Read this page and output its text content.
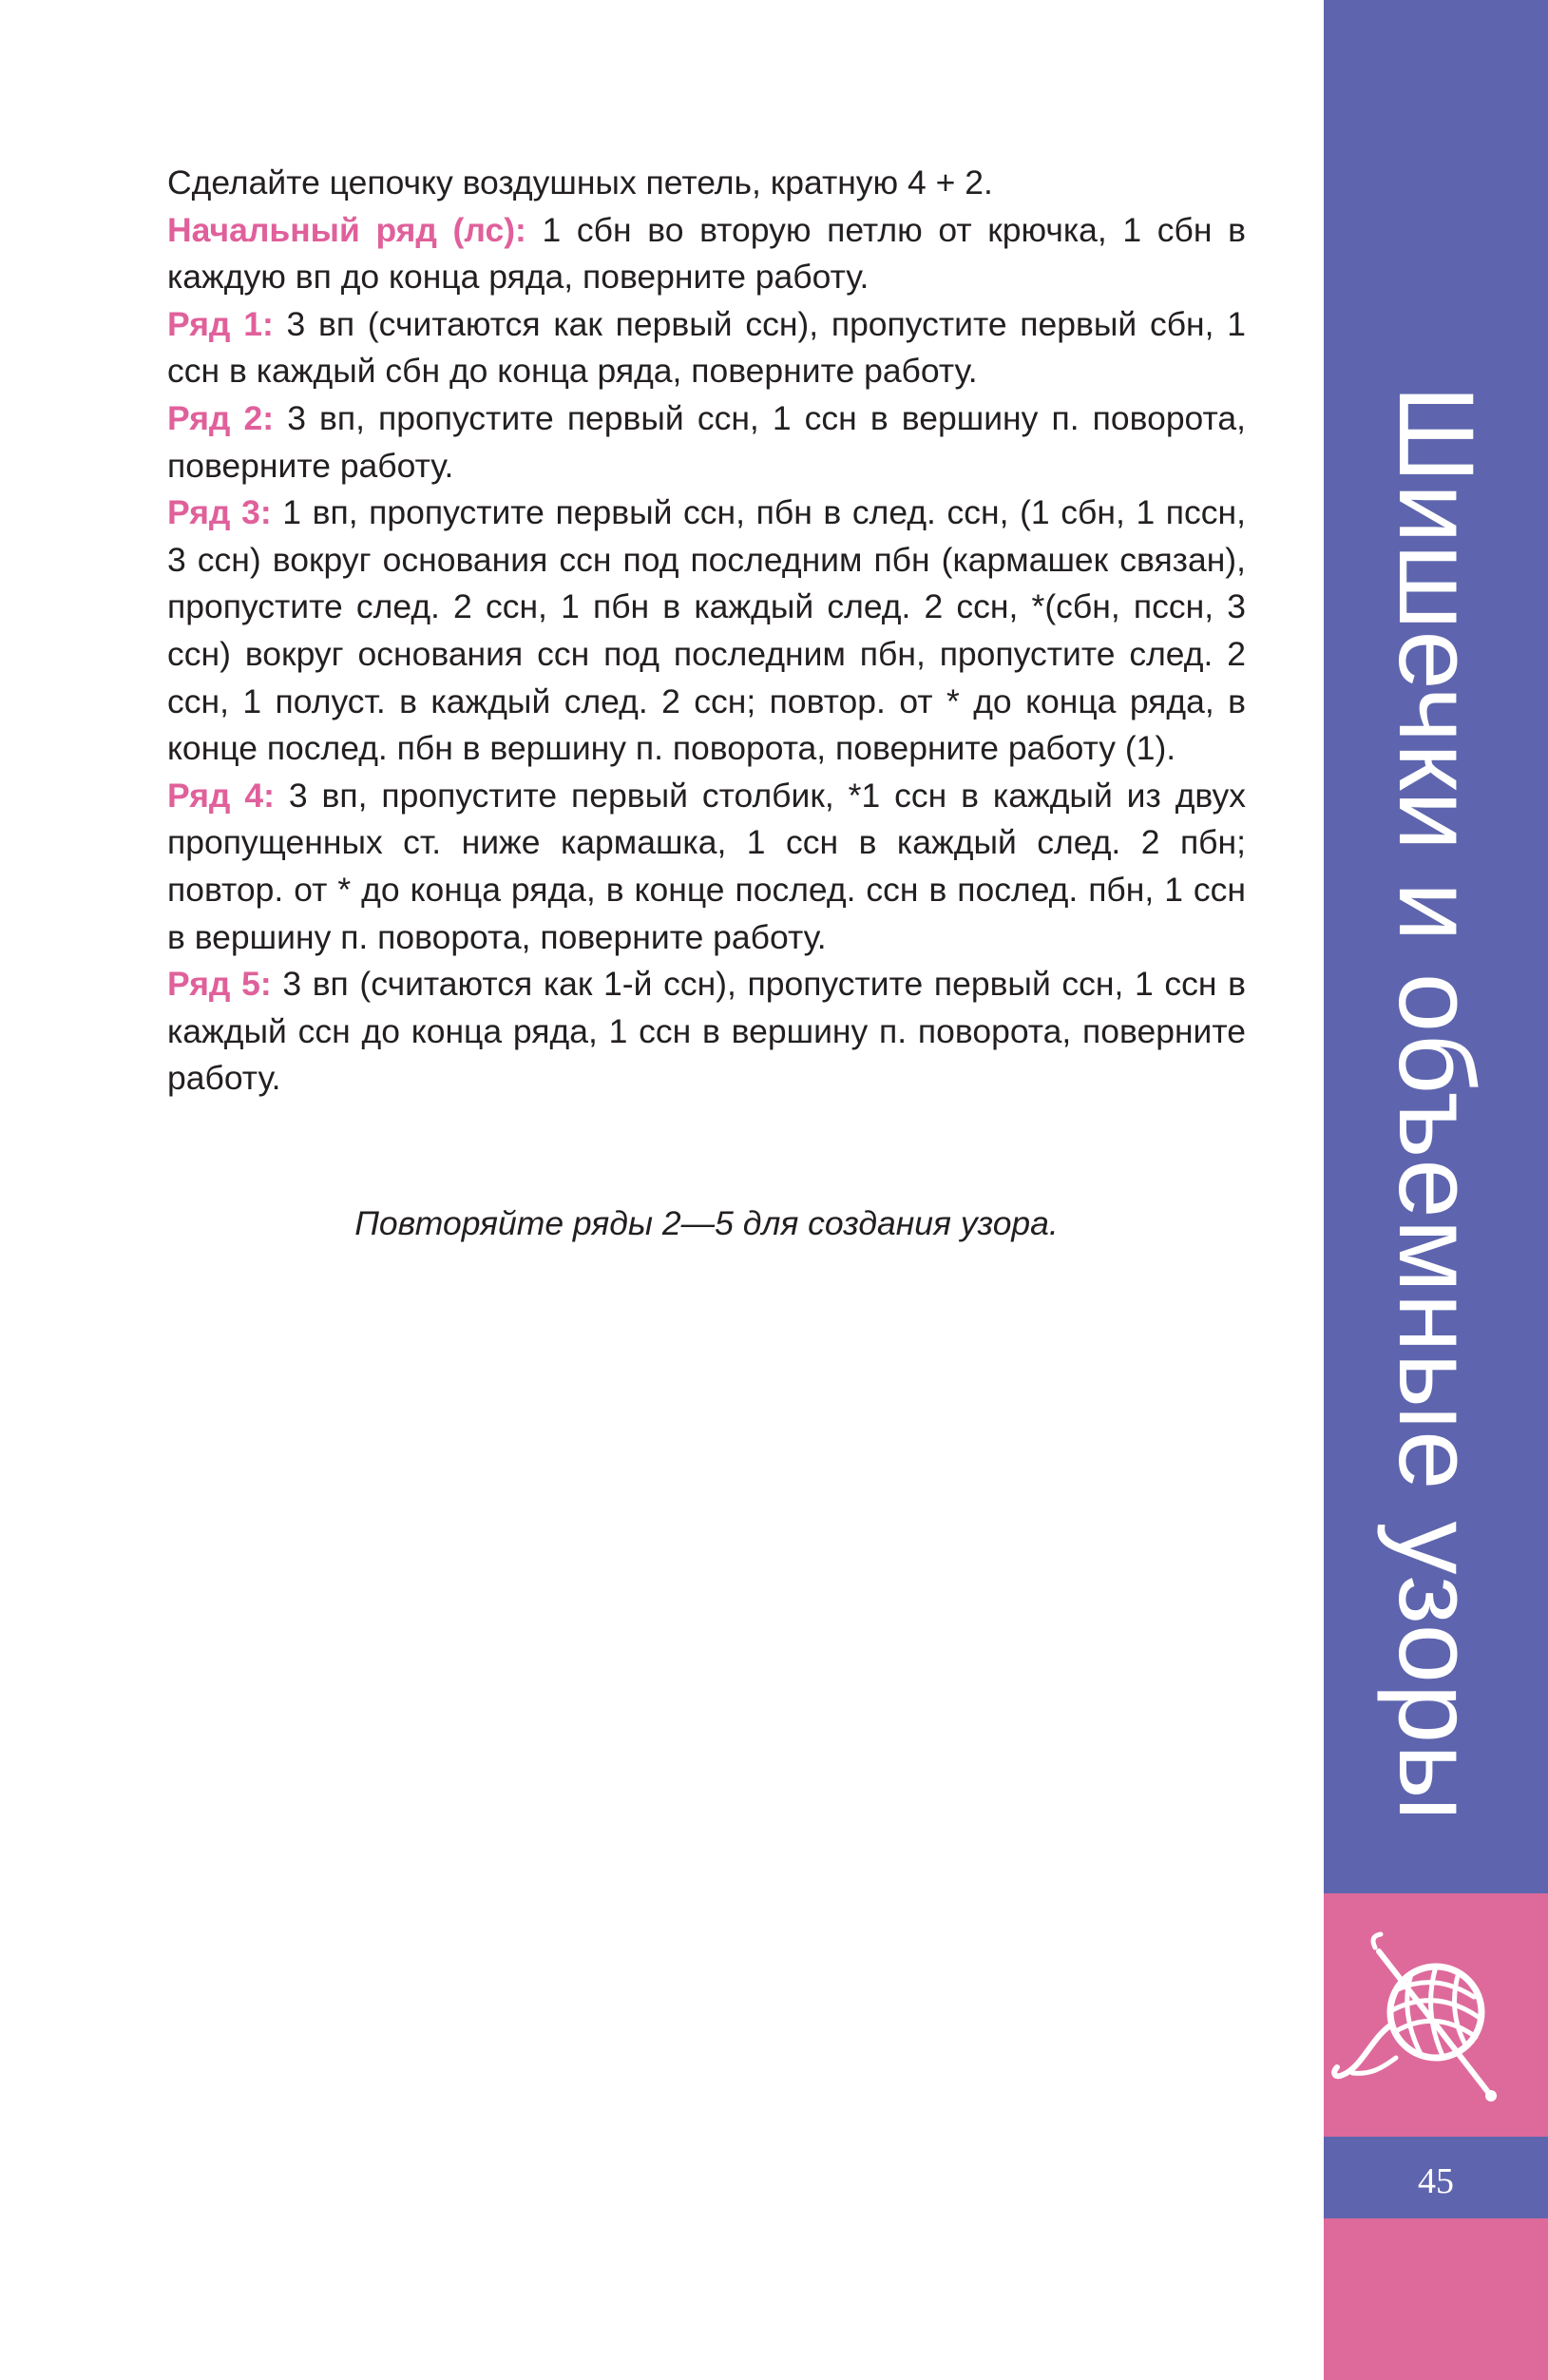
Сделайте цепочку воздушных петель, кратную 4 + 2.

Начальный ряд (лс): 1 сбн во вторую петлю от крючка, 1 сбн в каждую вп до конца ряда, поверните работу.

Ряд 1: 3 вп (считаются как первый ссн), пропустите первый сбн, 1 ссн в каждый сбн до конца ряда, поверните работу.

Ряд 2: 3 вп, пропустите первый ссн, 1 ссн в вершину п. поворота, поверните работу.

Ряд 3: 1 вп, пропустите первый ссн, пбн в след. ссн, (1 сбн, 1 пссн, 3 ссн) вокруг основания ссн под последним пбн (кармашек связан), пропустите след. 2 ссн, 1 пбн в каждый след. 2 ссн, *(сбн, пссн, 3 ссн) вокруг основания ссн под последним пбн, пропустите след. 2 ссн, 1 полуст. в каждый след. 2 ссн; повтор. от * до конца ряда, в конце послед. пбн в вершину п. поворота, поверните работу (1).

Ряд 4: 3 вп, пропустите первый столбик, *1 ссн в каждый из двух пропущенных ст. ниже кармашка, 1 ссн в каждый след. 2 пбн; повтор. от * до конца ряда, в конце послед. ссн в послед. пбн, 1 ссн в вершину п. поворота, поверните работу.

Ряд 5: 3 вп (считаются как 1-й ссн), пропустите первый ссн, 1 ссн в каждый ссн до конца ряда, 1 ссн в вершину п. поворота, поверните работу.

Повторяйте ряды 2—5 для создания узора.	Шишечки и объемные узоры
45
